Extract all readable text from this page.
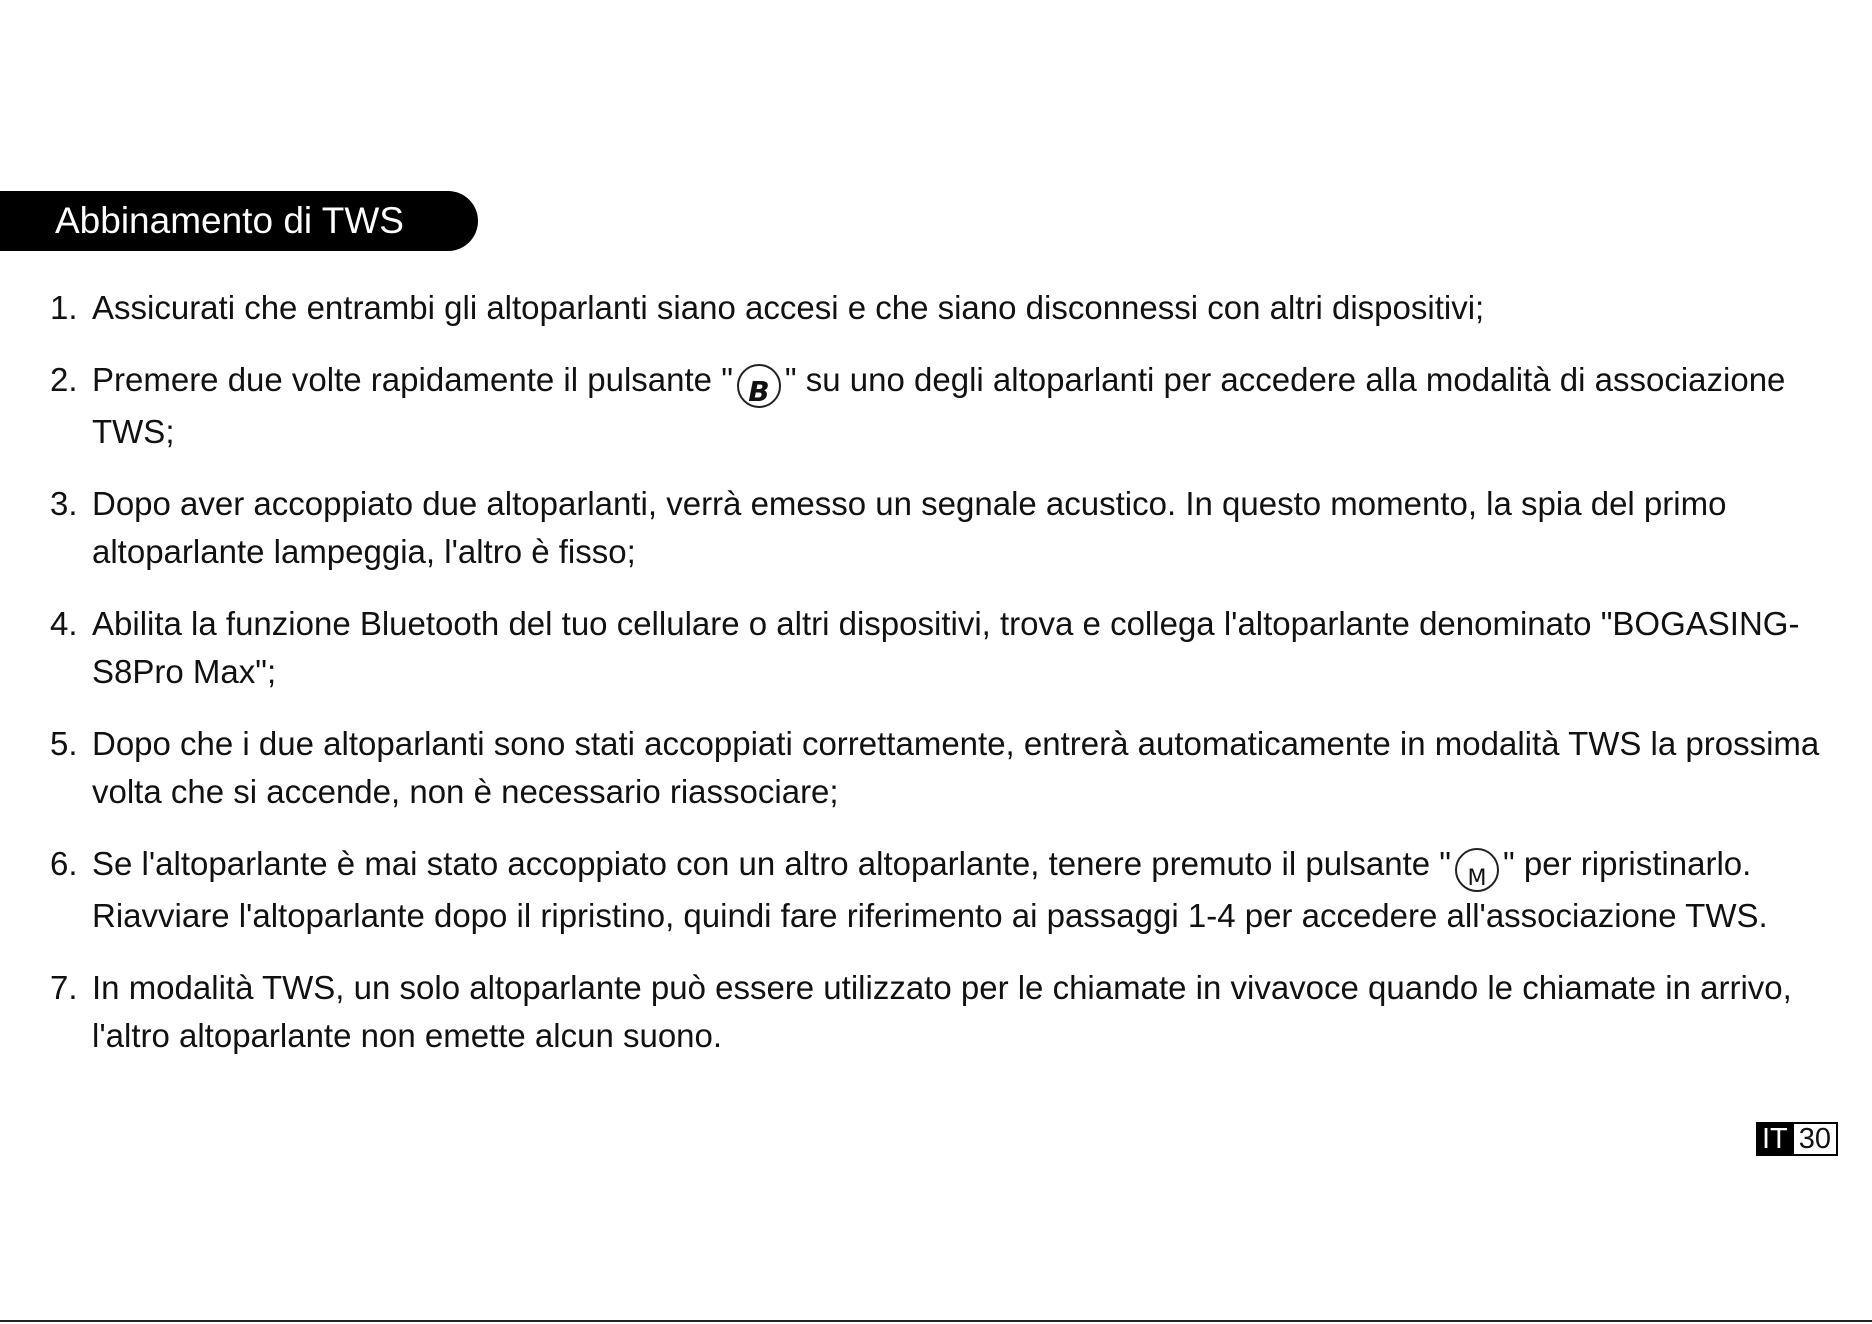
Abbinamento di TWS
1. Assicurati che entrambi gli altoparlanti siano accesi e che siano disconnessi con altri dispositivi;
2. Premere due volte rapidamente il pulsante " B " su uno degli altoparlanti per accedere alla modalità di associazione TWS;
3. Dopo aver accoppiato due altoparlanti, verrà emesso un segnale acustico. In questo momento, la spia del primo altoparlante lampeggia, l'altro è fisso;
4. Abilita la funzione Bluetooth del tuo cellulare o altri dispositivi, trova e collega l'altoparlante denominato "BOGASING-S8Pro Max";
5. Dopo che i due altoparlanti sono stati accoppiati correttamente, entrerà automaticamente in modalità TWS la prossima volta che si accende, non è necessario riassociare;
6. Se l'altoparlante è mai stato accoppiato con un altro altoparlante, tenere premuto il pulsante " M " per ripristinarlo. Riavviare l'altoparlante dopo il ripristino, quindi fare riferimento ai passaggi 1-4 per accedere all'associazione TWS.
7. In modalità TWS, un solo altoparlante può essere utilizzato per le chiamate in vivavoce quando le chiamate in arrivo, l'altro altoparlante non emette alcun suono.
IT 30
